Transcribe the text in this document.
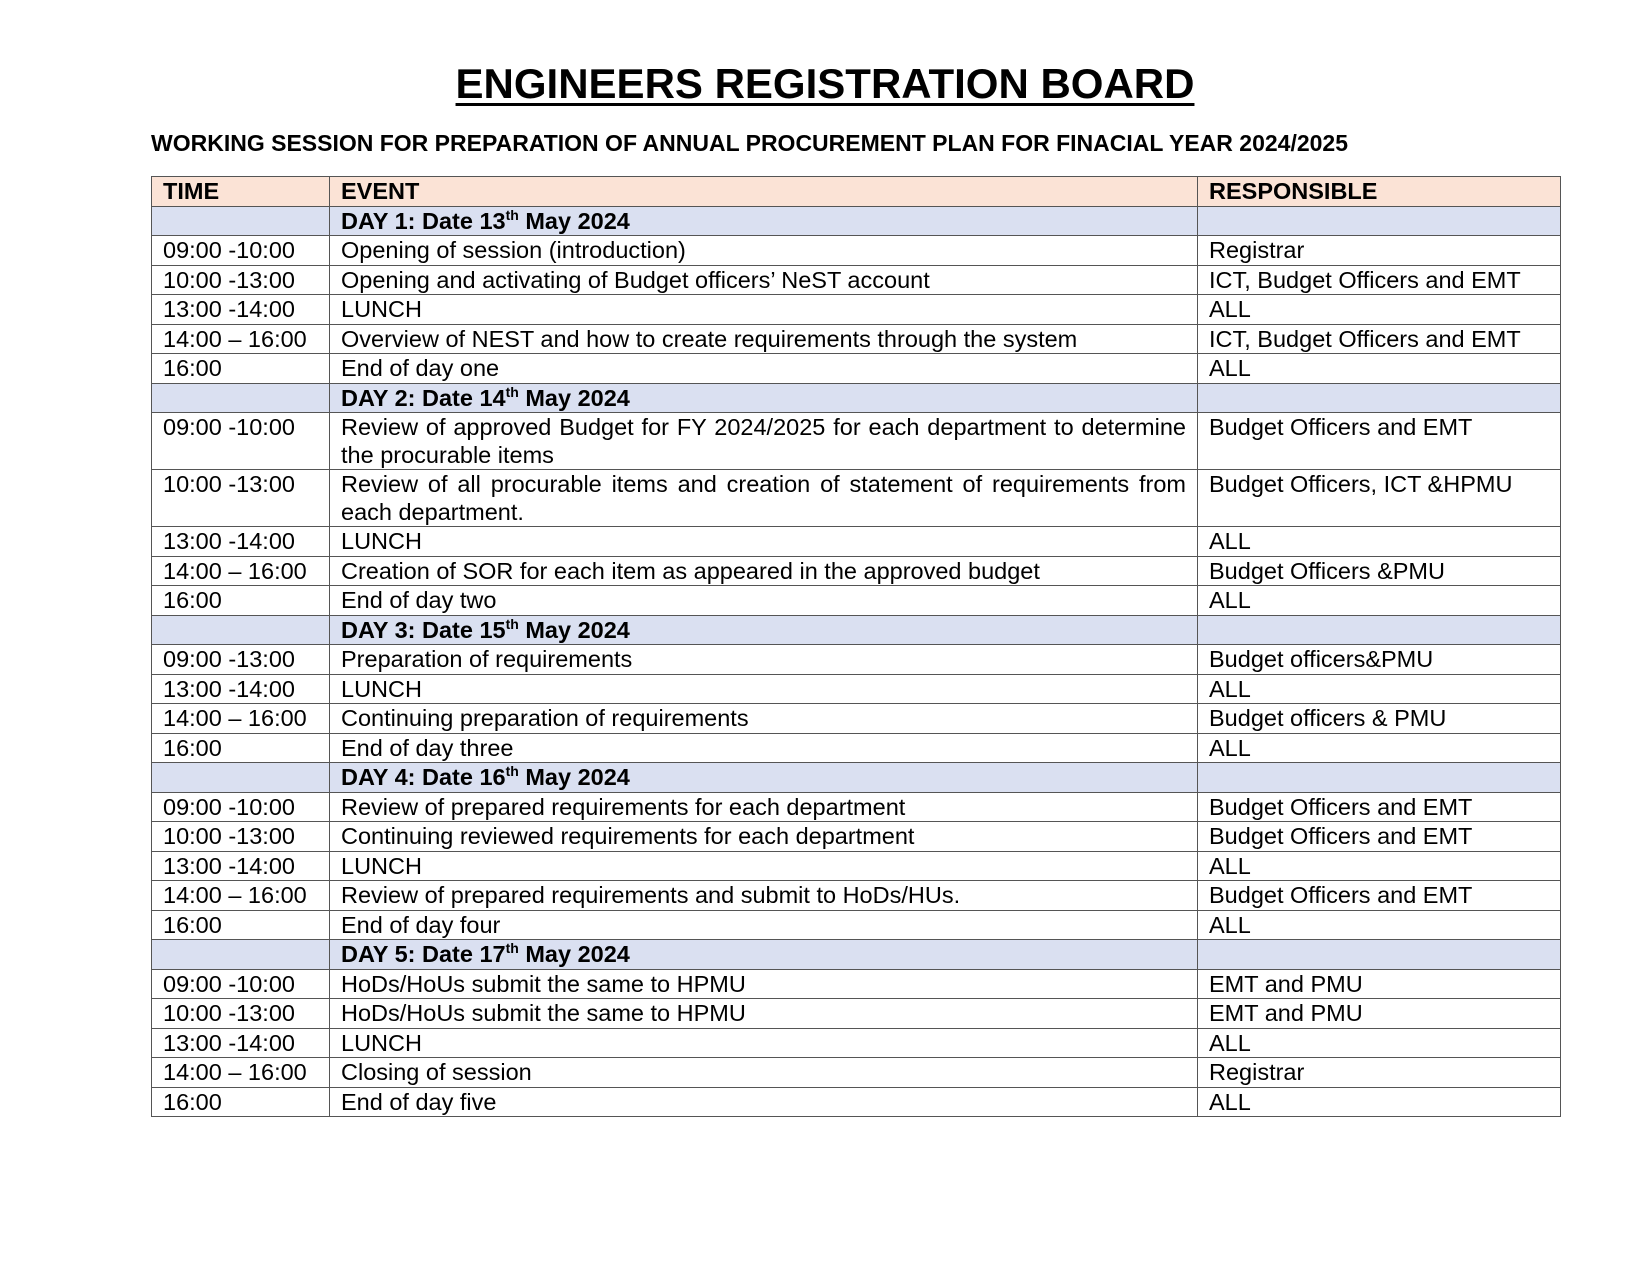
ENGINEERS REGISTRATION BOARD
WORKING SESSION FOR PREPARATION OF ANNUAL PROCUREMENT PLAN FOR FINACIAL YEAR 2024/2025
TIME	EVENT	RESPONSIBLE
	DAY 1: Date 13th May 2024	
09:00 -10:00	Opening of session (introduction)	Registrar
10:00 -13:00	Opening and activating of Budget officers’ NeST account	ICT, Budget Officers and EMT
13:00 -14:00	LUNCH	ALL
14:00 – 16:00	Overview of NEST and how to create requirements through the system	ICT, Budget Officers and EMT
16:00	End of day one	ALL
	DAY 2: Date 14th May 2024	
09:00 -10:00	Review of approved Budget for FY 2024/2025 for each department to determine the procurable items	Budget Officers and EMT
10:00 -13:00	Review of all procurable items and creation of statement of requirements from each department.	Budget Officers, ICT &HPMU
13:00 -14:00	LUNCH	ALL
14:00 – 16:00	Creation of SOR for each item as appeared in the approved budget	Budget Officers &PMU
16:00	End of day two	ALL
	DAY 3: Date 15th May 2024	
09:00 -13:00	Preparation of requirements	Budget officers&PMU
13:00 -14:00	LUNCH	ALL
14:00 – 16:00	Continuing preparation of requirements	Budget officers & PMU
16:00	End of day three	ALL
	DAY 4: Date 16th May 2024	
09:00 -10:00	Review of prepared requirements for each department	Budget Officers and EMT
10:00 -13:00	Continuing reviewed requirements for each department	Budget Officers and EMT
13:00 -14:00	LUNCH	ALL
14:00 – 16:00	Review of prepared requirements and submit to HoDs/HUs.	Budget Officers and EMT
16:00	End of day four	ALL
	DAY 5: Date 17th May 2024	
09:00 -10:00	HoDs/HoUs submit the same to HPMU	EMT and PMU
10:00 -13:00	HoDs/HoUs submit the same to HPMU	EMT and PMU
13:00 -14:00	LUNCH	ALL
14:00 – 16:00	Closing of session	Registrar
16:00	End of day five	ALL
